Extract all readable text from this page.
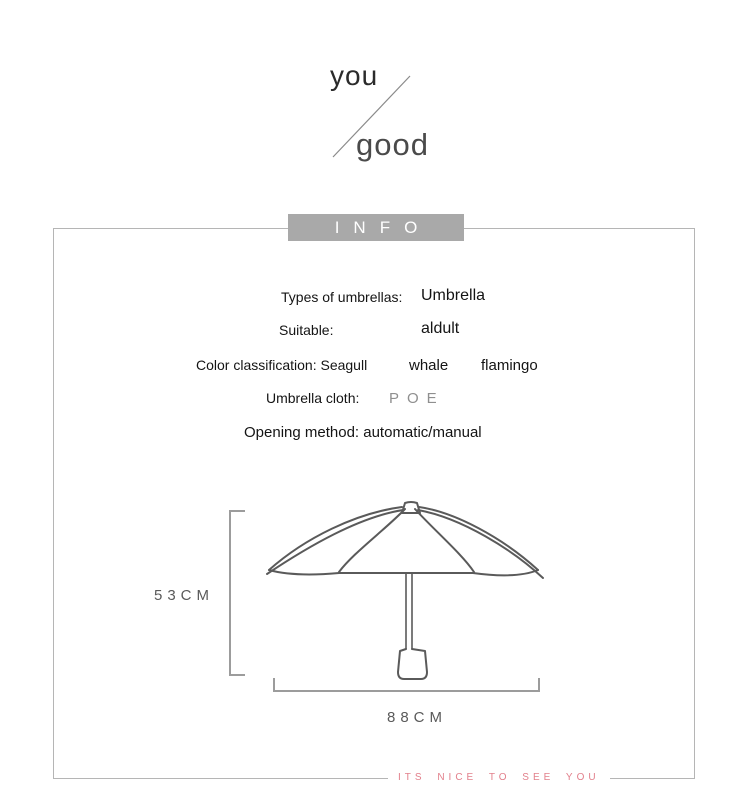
you
good
INFO
Types of umbrellas: Umbrella
Suitable:	aldult
Color classification: Seagull	whale flamingo
Umbrella cloth: POE
Opening method: automatic/manual
53CM
88CM
ITS NICE TO SEE YOU
